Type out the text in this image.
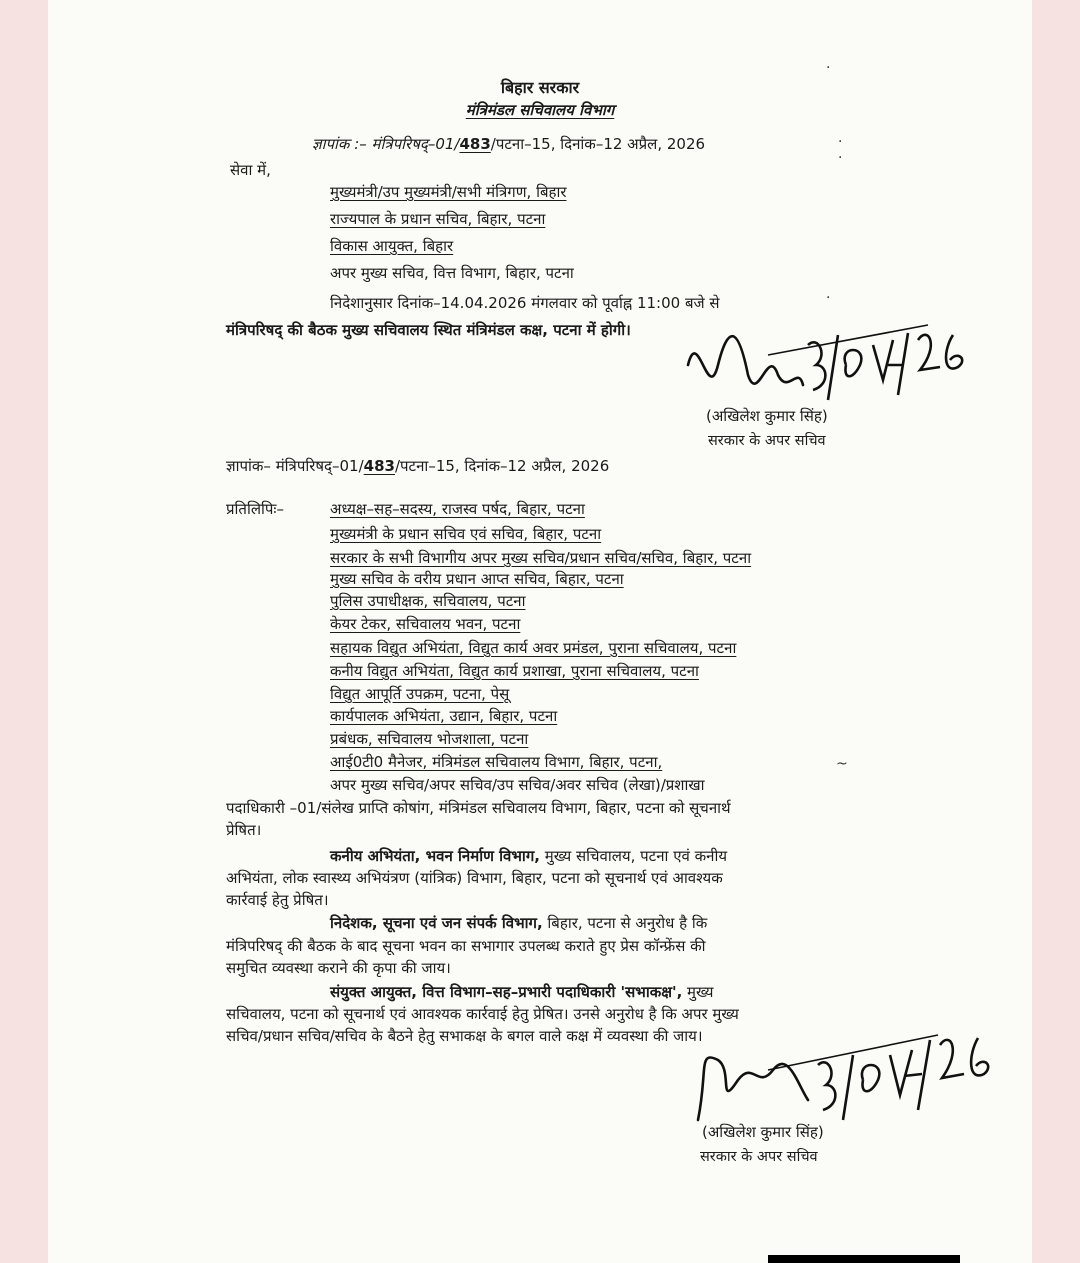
बिहार सरकार
मंत्रिमंडल सचिवालय विभाग
ज्ञापांक :– मंत्रिपरिषद्–01/483/पटना–15, दिनांक–12 अप्रैल, 2026	·
·
सेवा में,
मुख्यमंत्री/उप मुख्यमंत्री/सभी मंत्रिगण, बिहार
राज्यपाल के प्रधान सचिव, बिहार, पटना
विकास आयुक्त, बिहार
अपर मुख्य सचिव, वित्त विभाग, बिहार, पटना
निदेशानुसार दिनांक–14.04.2026 मंगलवार को पूर्वाह्न 11:00 बजे से
मंत्रिपरिषद् की बैठक मुख्य सचिवालय स्थित मंत्रिमंडल कक्ष, पटना में होगी।
(अखिलेश कुमार सिंह)
सरकार के अपर सचिव
ज्ञापांक– मंत्रिपरिषद्–01/483/पटना–15, दिनांक–12 अप्रैल, 2026
प्रतिलिपिः–	अध्यक्ष–सह–सदस्य, राजस्व पर्षद, बिहार, पटना
मुख्यमंत्री के प्रधान सचिव एवं सचिव, बिहार, पटना
सरकार के सभी विभागीय अपर मुख्य सचिव/प्रधान सचिव/सचिव, बिहार, पटना
मुख्य सचिव के वरीय प्रधान आप्त सचिव, बिहार, पटना
पुलिस उपाधीक्षक, सचिवालय, पटना
केयर टेकर, सचिवालय भवन, पटना
सहायक विद्युत अभियंता, विद्युत कार्य अवर प्रमंडल, पुराना सचिवालय, पटना
कनीय विद्युत अभियंता, विद्युत कार्य प्रशाखा, पुराना सचिवालय, पटना
विद्युत आपूर्ति उपक्रम, पटना, पेसू
कार्यपालक अभियंता, उद्यान, बिहार, पटना
प्रबंधक, सचिवालय भोजशाला, पटना
आई0टी0 मैनेजर, मंत्रिमंडल सचिवालय विभाग, बिहार, पटना,
अपर मुख्य सचिव/अपर सचिव/उप सचिव/अवर सचिव (लेखा)/प्रशाखा
पदाधिकारी –01/संलेख प्राप्ति कोषांग, मंत्रिमंडल सचिवालय विभाग, बिहार, पटना को सूचनार्थ
प्रेषित।
कनीय अभियंता, भवन निर्माण विभाग, मुख्य सचिवालय, पटना एवं कनीय
अभियंता, लोक स्वास्थ्य अभियंत्रण (यांत्रिक) विभाग, बिहार, पटना को सूचनार्थ एवं आवश्यक
कार्रवाई हेतु प्रेषित।
निदेशक, सूचना एवं जन संपर्क विभाग, बिहार, पटना से अनुरोध है कि
मंत्रिपरिषद् की बैठक के बाद सूचना भवन का सभागार उपलब्ध कराते हुए प्रेस कॉन्फ्रेंस की
समुचित व्यवस्था कराने की कृपा की जाय।
संयुक्त आयुक्त, वित्त विभाग–सह–प्रभारी पदाधिकारी 'सभाकक्ष', मुख्य
सचिवालय, पटना को सूचनार्थ एवं आवश्यक कार्रवाई हेतु प्रेषित। उनसे अनुरोध है कि अपर मुख्य
सचिव/प्रधान सचिव/सचिव के बैठने हेतु सभाकक्ष के बगल वाले कक्ष में व्यवस्था की जाय।
(अखिलेश कुमार सिंह)
सरकार के अपर सचिव
·
·
~
